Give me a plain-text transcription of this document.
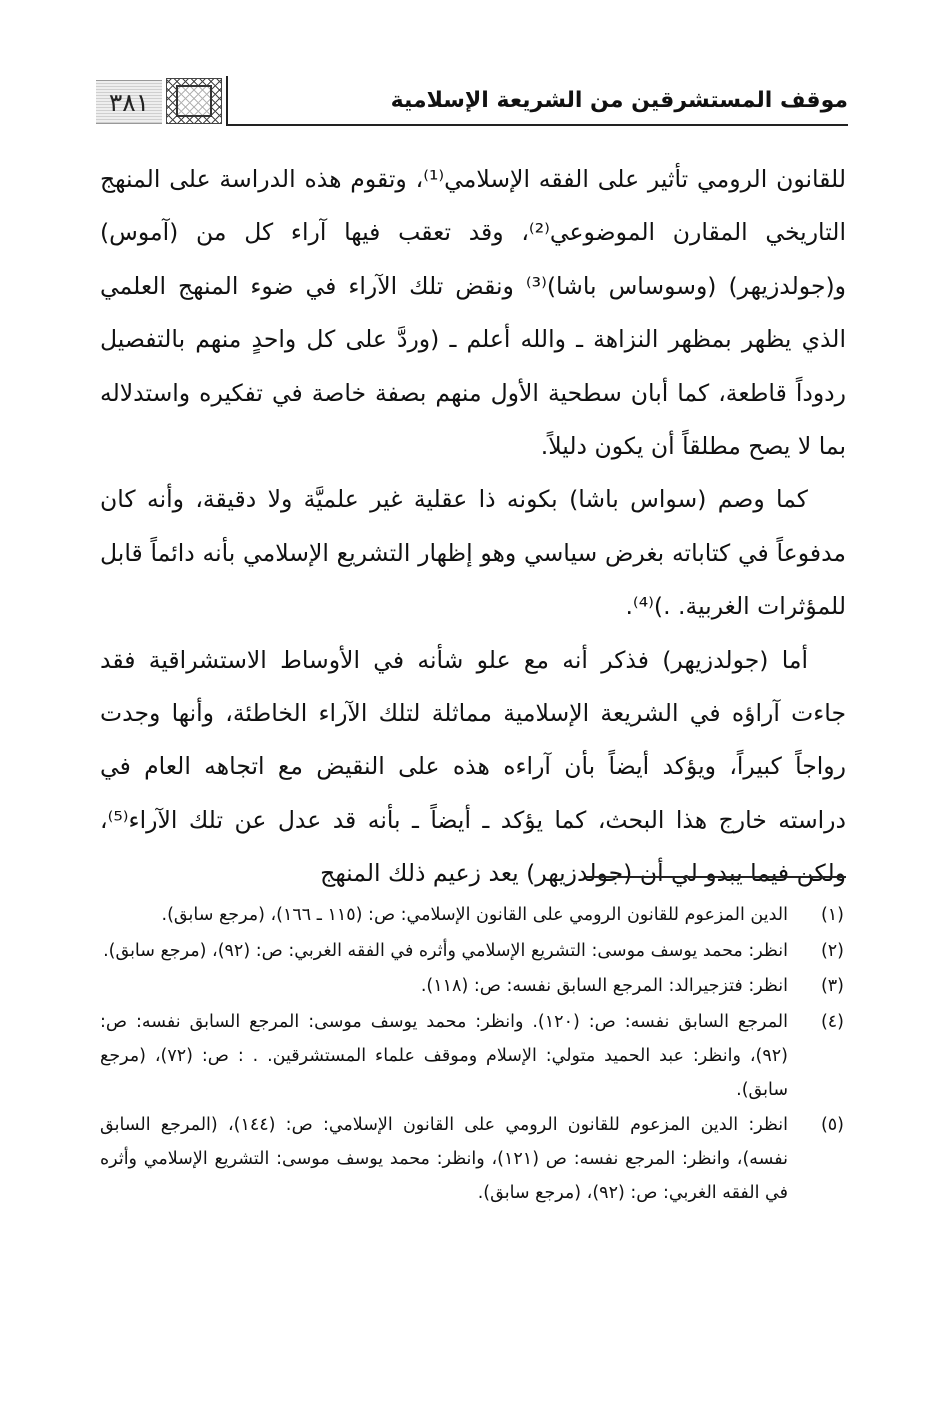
موقف المستشرقين من الشريعة الإسلامية
٣٨١

للقانون الرومي تأثير على الفقه الإسلامي⁽¹⁾، وتقوم هذه الدراسة على المنهج التاريخي المقارن الموضوعي⁽²⁾، وقد تعقب فيها آراء كل من (آموس) و(جولدزيهر) (وسوساس باشا)⁽³⁾ ونقض تلك الآراء في ضوء المنهج العلمي الذي يظهر بمظهر النزاهة ـ والله أعلم ـ (وردَّ على كل واحدٍ منهم بالتفصيل ردوداً قاطعة، كما أبان سطحية الأول منهم بصفة خاصة في تفكيره واستدلاله بما لا يصح مطلقاً أن يكون دليلاً.

كما وصم (سواس باشا) بكونه ذا عقلية غير علميَّة ولا دقيقة، وأنه كان مدفوعاً في كتاباته بغرض سياسي وهو إظهار التشريع الإسلامي بأنه دائماً قابل للمؤثرات الغربية. .)⁽⁴⁾.

أما (جولدزيهر) فذكر أنه مع علو شأنه في الأوساط الاستشراقية فقد جاءت آراؤه في الشريعة الإسلامية مماثلة لتلك الآراء الخاطئة، وأنها وجدت رواجاً كبيراً، ويؤكد أيضاً بأن آراءه هذه على النقيض مع اتجاهه العام في دراسته خارج هذا البحث، كما يؤكد ـ أيضاً ـ بأنه قد عدل عن تلك الآراء⁽⁵⁾، ولكن فيما يبدو لي أن (جولدزيهر) يعد زعيم ذلك المنهج

(١)
الدين المزعوم للقانون الرومي على القانون الإسلامي: ص: (١١٥ ـ ١٦٦)، (مرجع سابق).
(٢)
انظر: محمد يوسف موسى: التشريع الإسلامي وأثره في الفقه الغربي: ص: (٩٢)، (مرجع سابق).
(٣)
انظر: فتزجيرالد: المرجع السابق نفسه: ص: (١١٨).
(٤)
المرجع السابق نفسه: ص: (١٢٠). وانظر: محمد يوسف موسى: المرجع السابق نفسه: ص: (٩٢)، وانظر: عبد الحميد متولي: الإسلام وموقف علماء المستشرقين. . : ص: (٧٢)، (مرجع سابق).
(٥)
انظر: الدين المزعوم للقانون الرومي على القانون الإسلامي: ص: (١٤٤)، (المرجع السابق نفسه)، وانظر: المرجع نفسه: ص (١٢١)، وانظر: محمد يوسف موسى: التشريع الإسلامي وأثره في الفقه الغربي: ص: (٩٢)، (مرجع سابق).
